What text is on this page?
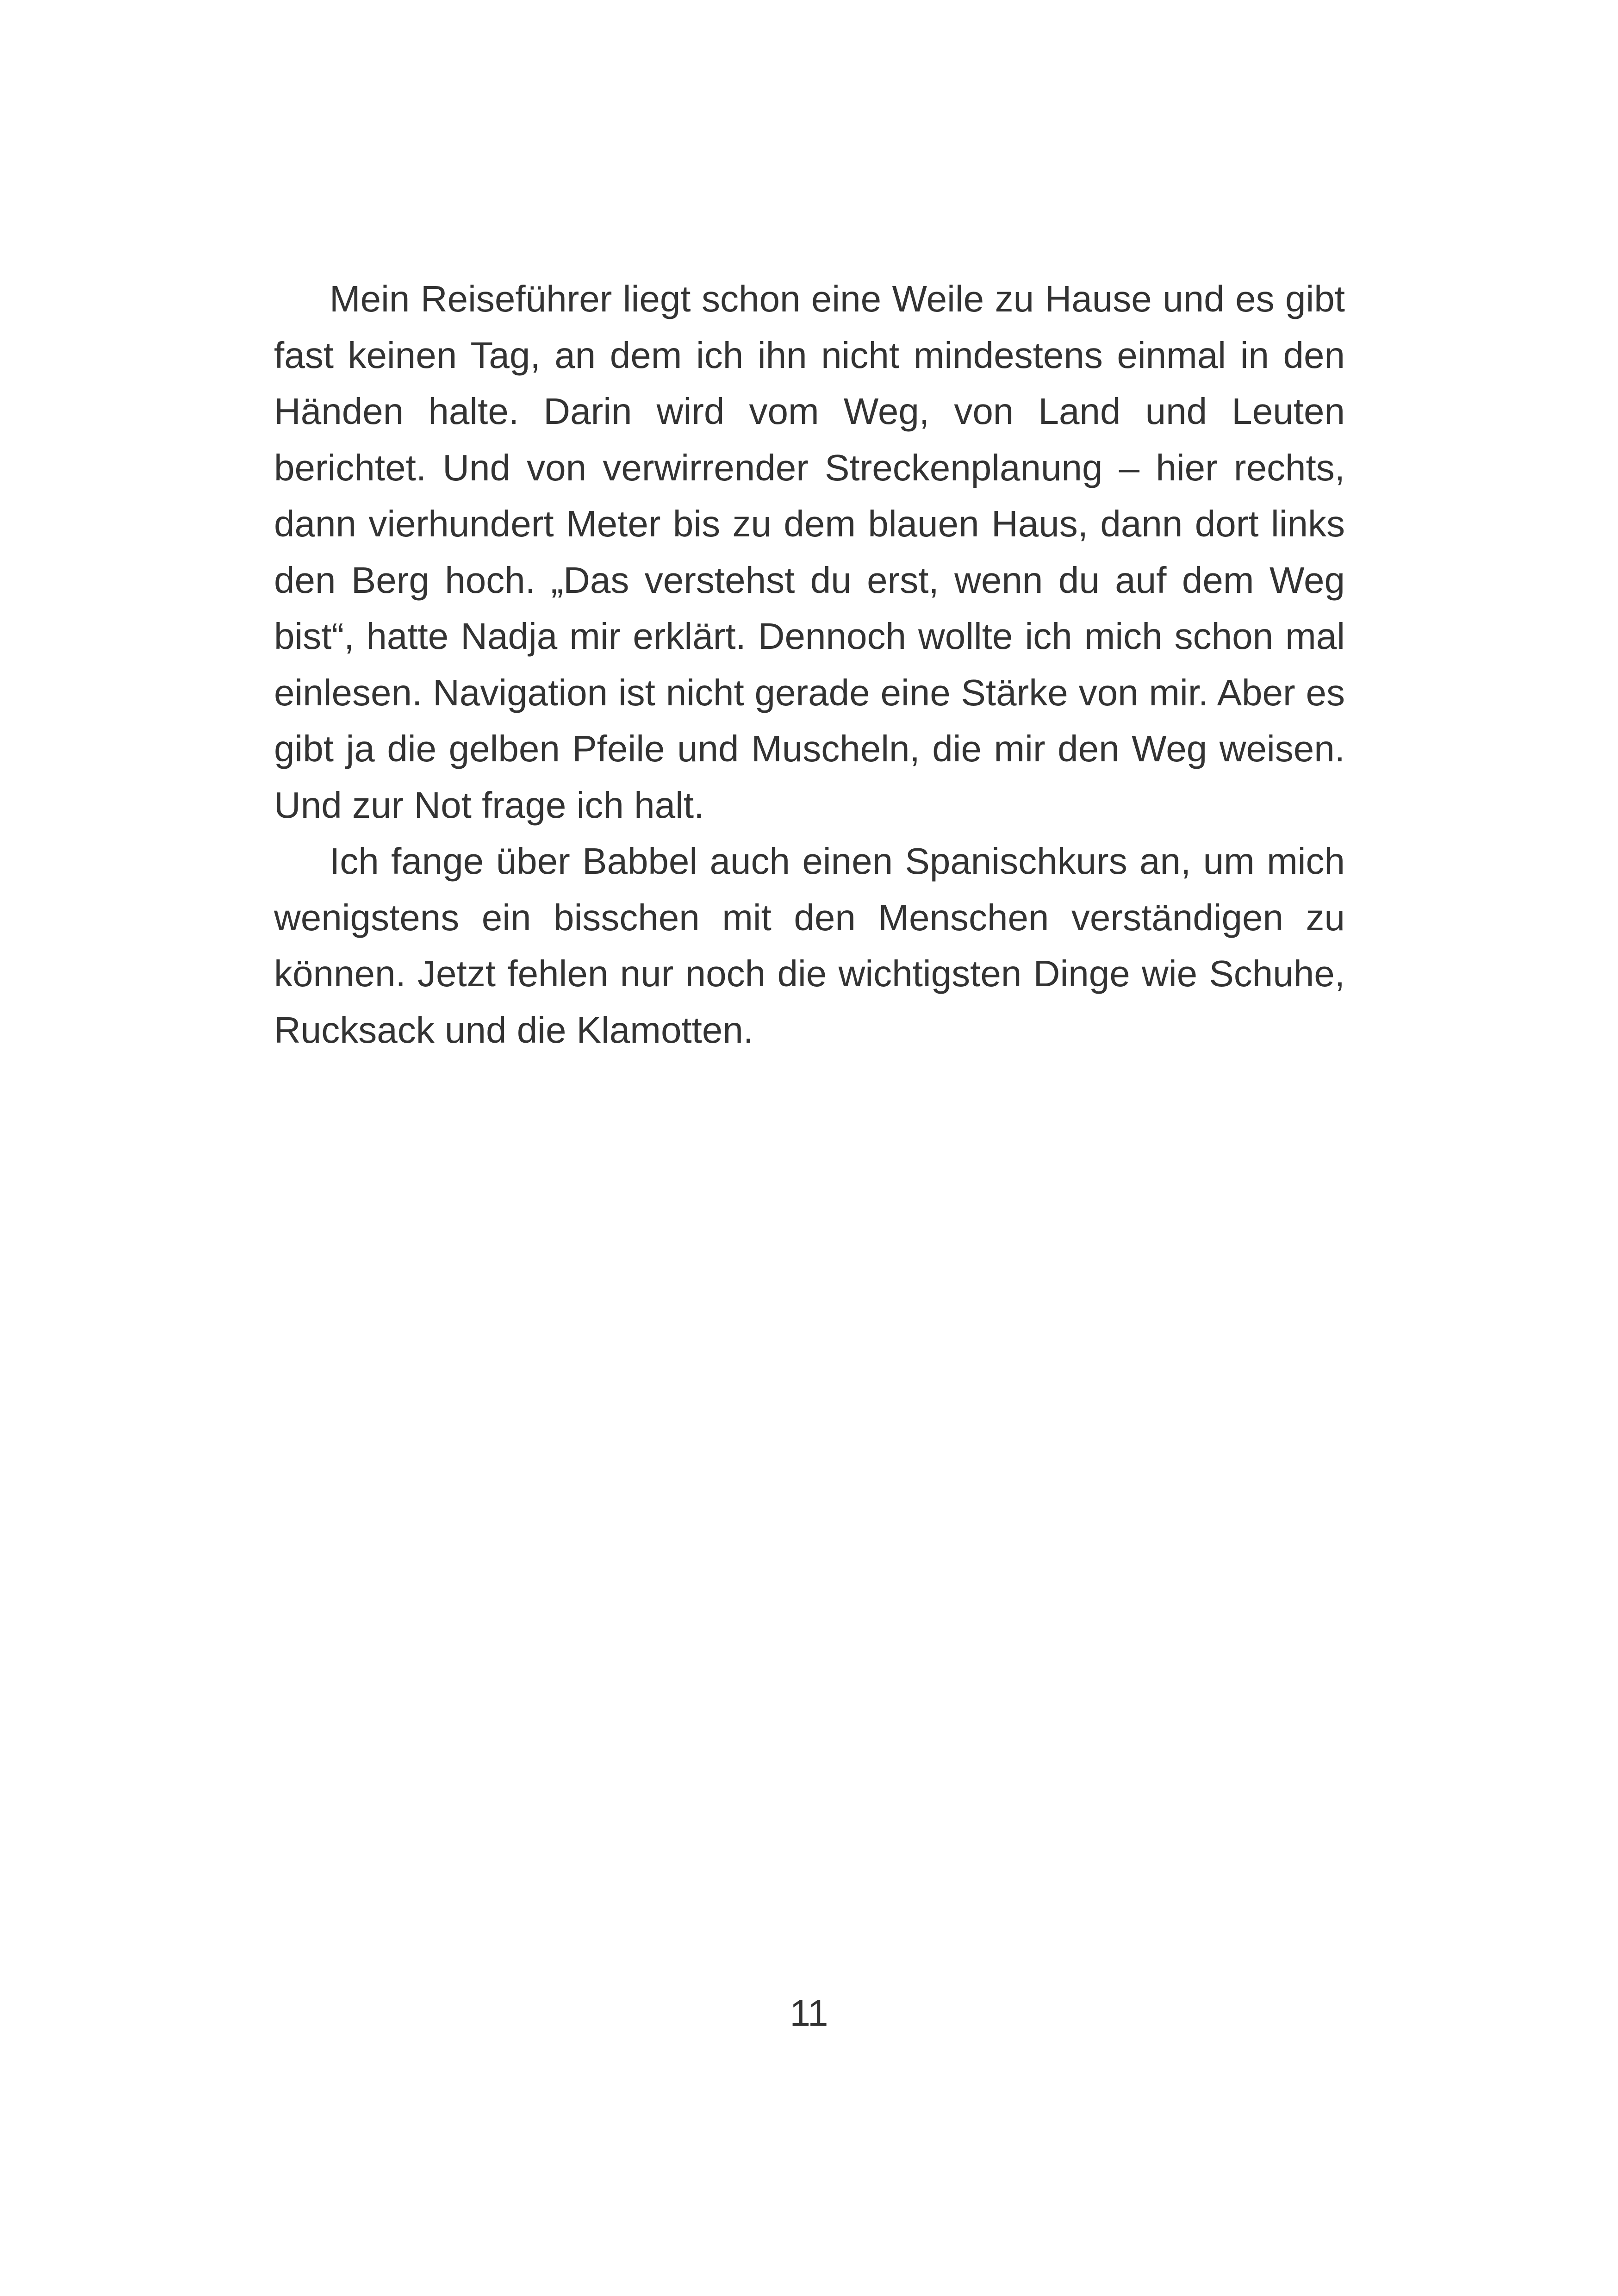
Mein Reiseführer liegt schon eine Weile zu Hause und es gibt fast keinen Tag, an dem ich ihn nicht mindestens einmal in den Händen halte. Darin wird vom Weg, von Land und Leuten berichtet. Und von verwirrender Streckenplanung – hier rechts, dann vierhundert Meter bis zu dem blauen Haus, dann dort links den Berg hoch. „Das verstehst du erst, wenn du auf dem Weg bist“, hatte Nadja mir erklärt. Dennoch wollte ich mich schon mal einlesen. Navigation ist nicht gerade eine Stärke von mir. Aber es gibt ja die gelben Pfeile und Muscheln, die mir den Weg weisen. Und zur Not frage ich halt.

Ich fange über Babbel auch einen Spanischkurs an, um mich wenigstens ein bisschen mit den Menschen verständigen zu können. Jetzt fehlen nur noch die wichtigsten Dinge wie Schuhe, Rucksack und die Klamotten.

11
